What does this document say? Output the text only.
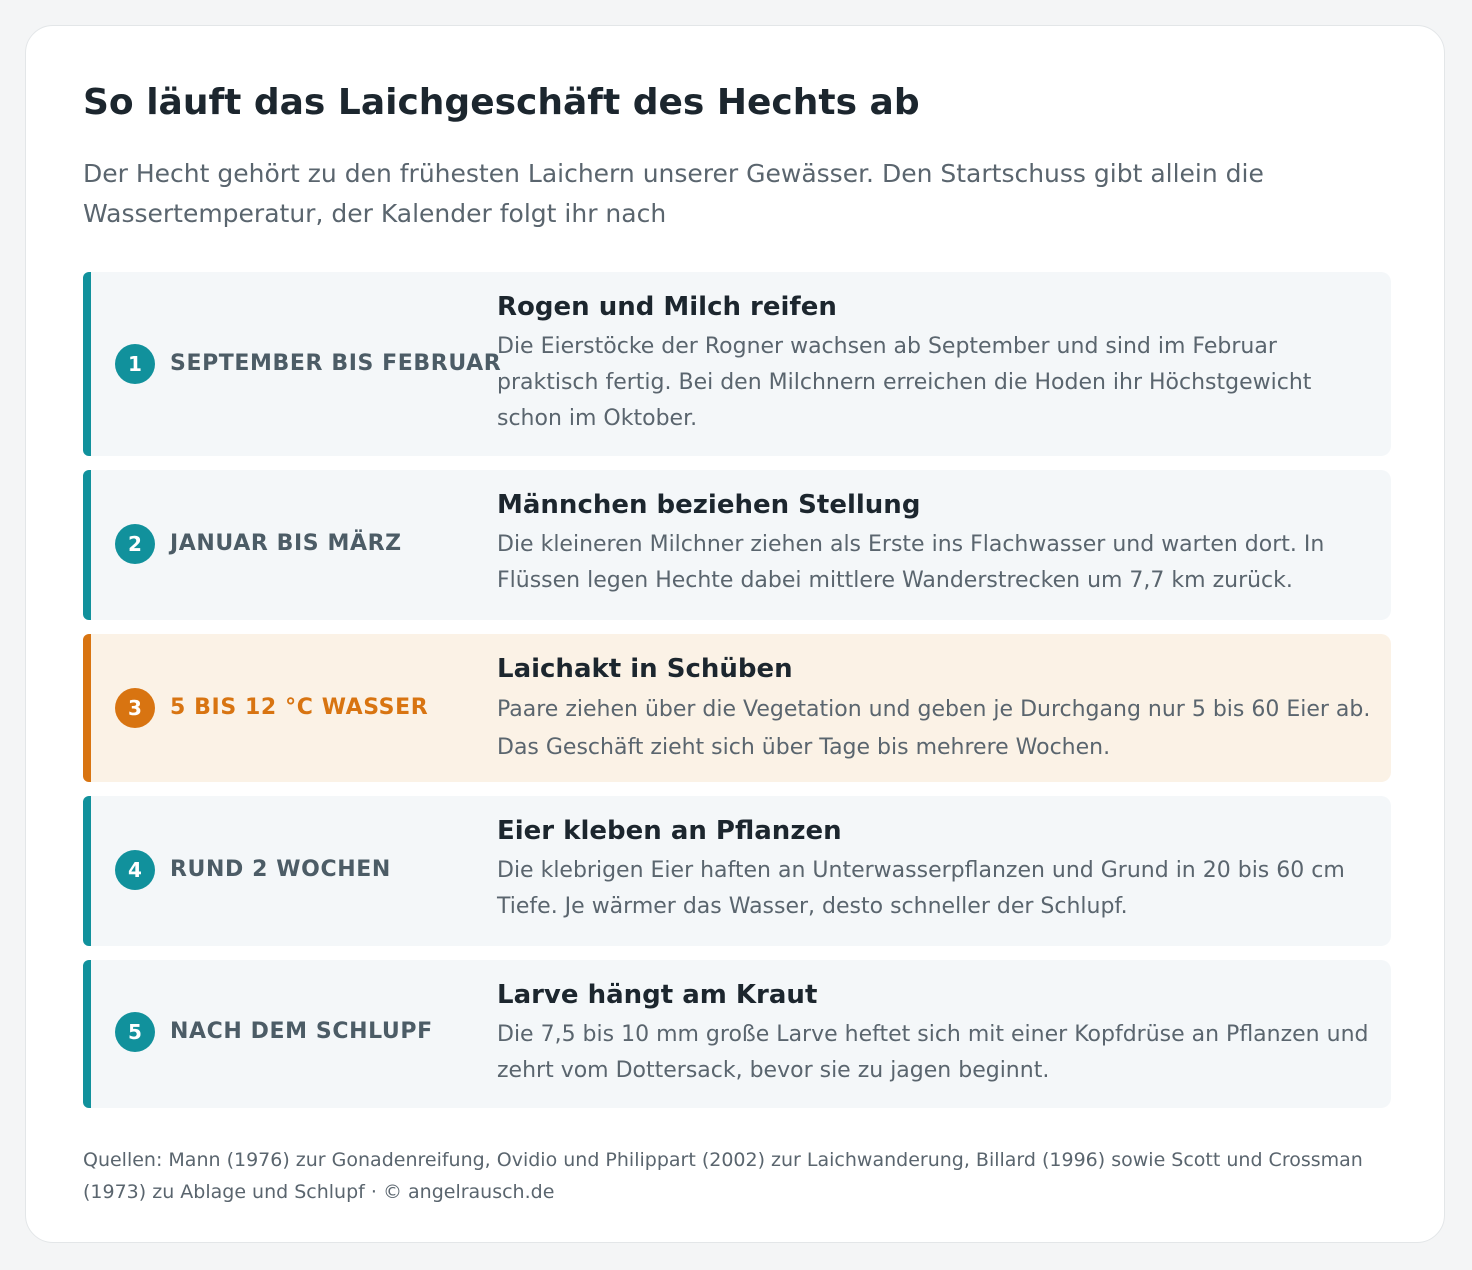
So läuft das Laichgeschäft des Hechts ab

Der Hecht gehört zu den frühesten Laichern unserer Gewässer. Den Startschuss gibt allein die Wassertemperatur, der Kalender folgt ihr nach

1	SEPTEMBER BIS FEBRUAR
Rogen und Milch reifen

Die Eierstöcke der Rogner wachsen ab September und sind im Februar praktisch fertig. Bei den Milchnern erreichen die Hoden ihr Höchstgewicht schon im Oktober.

2	JANUAR BIS MÄRZ
Männchen beziehen Stellung

Die kleineren Milchner ziehen als Erste ins Flachwasser und warten dort. In Flüssen legen Hechte dabei mittlere Wanderstrecken um 7,7 km zurück.

3	5 BIS 12 °C WASSER
Laichakt in Schüben

Paare ziehen über die Vegetation und geben je Durchgang nur 5 bis 60 Eier ab. Das Geschäft zieht sich über Tage bis mehrere Wochen.

4	RUND 2 WOCHEN
Eier kleben an Pflanzen

Die klebrigen Eier haften an Unterwasserpflanzen und Grund in 20 bis 60 cm Tiefe. Je wärmer das Wasser, desto schneller der Schlupf.

5	NACH DEM SCHLUPF
Larve hängt am Kraut

Die 7,5 bis 10 mm große Larve heftet sich mit einer Kopfdrüse an Pflanzen und zehrt vom Dottersack, bevor sie zu jagen beginnt.

Quellen: Mann (1976) zur Gonadenreifung, Ovidio und Philippart (2002) zur Laichwanderung, Billard (1996) sowie Scott und Crossman (1973) zu Ablage und Schlupf · © angelrausch.de
